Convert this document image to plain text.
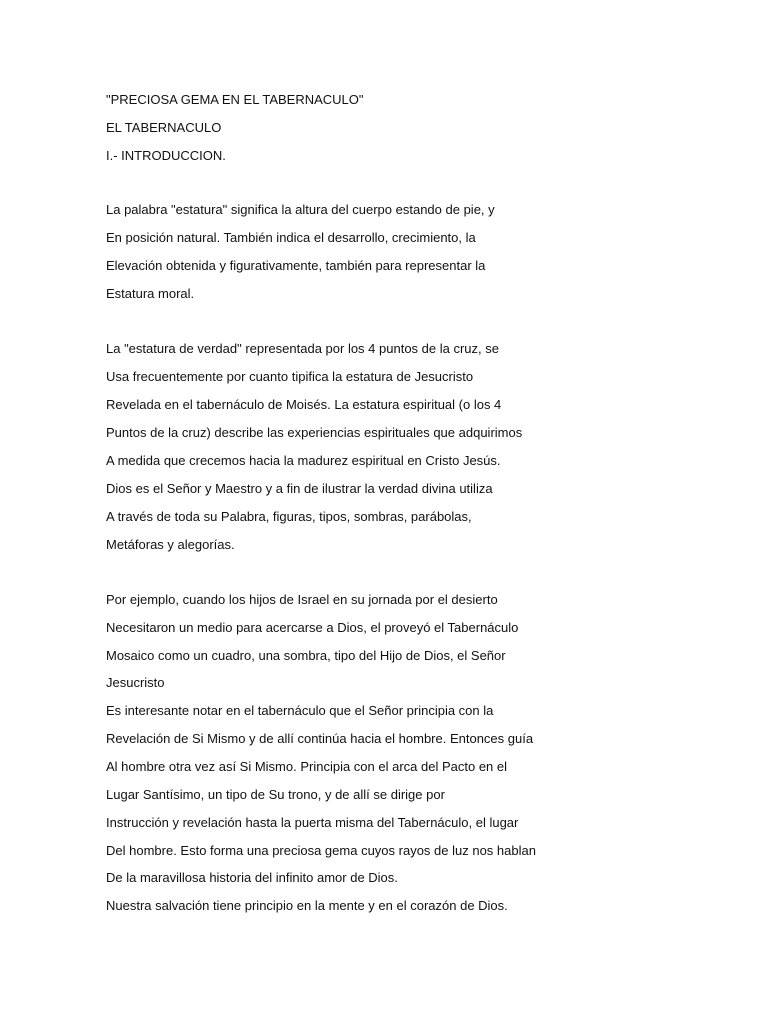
"PRECIOSA GEMA EN EL TABERNACULO"

EL TABERNACULO

I.- INTRODUCCION.

La palabra "estatura" significa la altura del cuerpo estando de pie, y

En posición natural. También indica el desarrollo, crecimiento, la

Elevación obtenida y figurativamente, también para representar la

Estatura moral.

La "estatura de verdad" representada por los 4 puntos de la cruz, se

Usa frecuentemente por cuanto tipifica la estatura de Jesucristo

Revelada en el tabernáculo de Moisés. La estatura espiritual (o los 4

Puntos de la cruz) describe las experiencias espirituales que adquirimos

A medida que crecemos hacia la madurez espiritual en Cristo Jesús.

Dios es el Señor y Maestro y a fin de ilustrar la verdad divina utiliza

A través de toda su Palabra, figuras, tipos, sombras, parábolas,

Metáforas y alegorías.

Por ejemplo, cuando los hijos de Israel en su jornada por el desierto

Necesitaron un medio para acercarse a Dios, el proveyó el Tabernáculo

Mosaico como un cuadro, una sombra, tipo del Hijo de Dios, el Señor

Jesucristo

Es interesante notar en el tabernáculo que el Señor principia con la

Revelación de Si Mismo y de allí continúa hacia el hombre. Entonces guía

Al hombre otra vez así Si Mismo. Principia con el arca del Pacto en el

Lugar Santísimo, un tipo de Su trono, y de allí se dirige por

Instrucción y revelación hasta la puerta misma del Tabernáculo, el lugar

Del hombre. Esto forma una preciosa gema cuyos rayos de luz nos hablan

De la maravillosa historia del infinito amor de Dios.

Nuestra salvación tiene principio en la mente y en el corazón de Dios.
